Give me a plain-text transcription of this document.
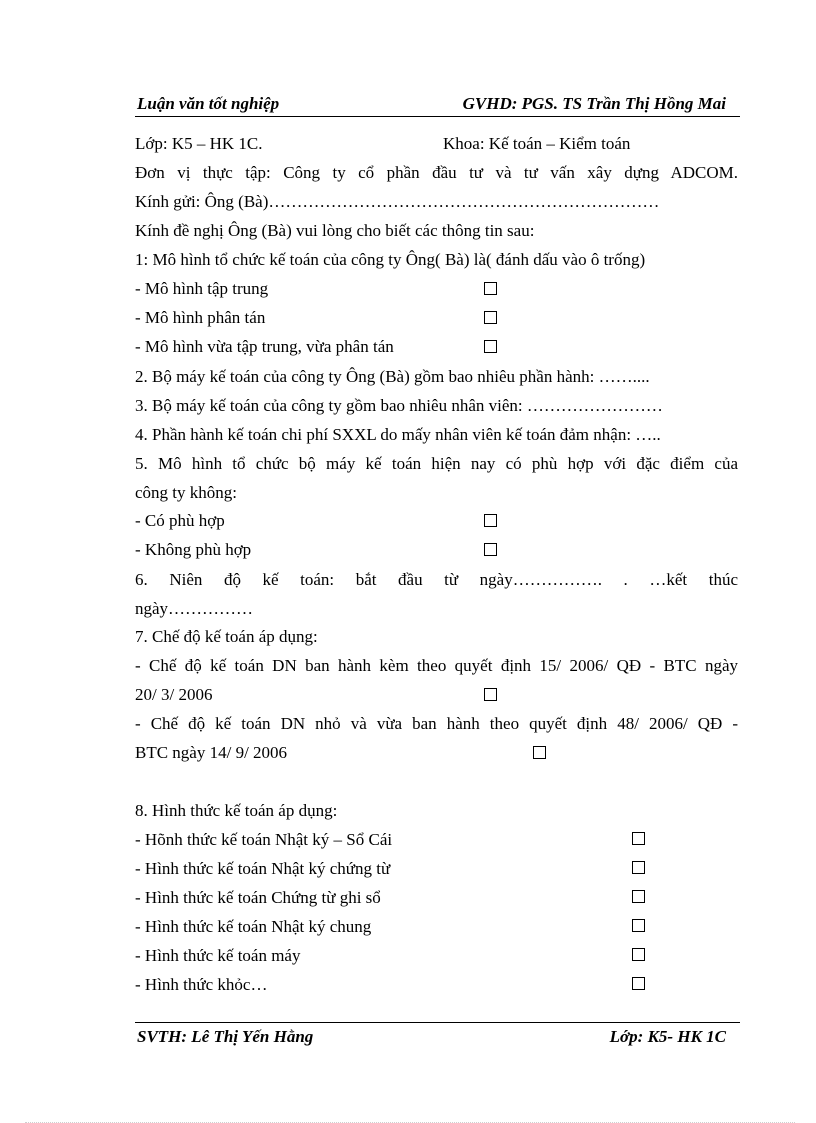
Luận văn tốt nghiệp	GVHD: PGS. TS Trần Thị Hồng Mai
Lớp: K5 – HK 1C.	Khoa: Kế toán – Kiểm toán
Đơn vị thực tập: Công ty cổ phần đầu tư và tư vấn xây dựng ADCOM.
Kính gửi: Ông (Bà)……………………………………………………………
Kính đề nghị Ông (Bà) vui lòng cho biết các thông tin sau:
1: Mô hình tổ chức kế toán của công ty Ông( Bà) là( đánh dấu vào ô trống)
- Mô hình tập trung
- Mô hình phân tán
- Mô hình vừa tập trung, vừa phân tán
2. Bộ máy kế toán của công ty Ông (Bà) gồm bao nhiêu phần hành: ……....
3. Bộ máy kế toán của công ty gồm bao nhiêu nhân viên: ……………………
4. Phần hành kế toán chi phí SXXL do mấy nhân viên kế toán đảm nhận: …..
5. Mô hình tổ chức bộ máy kế toán hiện nay có phù hợp với đặc điểm của
công ty không:
- Có phù hợp
- Không phù hợp
6. Niên độ kế toán: bắt đầu từ ngày……………. . …kết thúc
ngày……………
7. Chế độ kế toán áp dụng:
- Chế độ kế toán DN ban hành kèm theo quyết định 15/ 2006/ QĐ - BTC ngày
20/ 3/ 2006
- Chế độ kế toán DN nhỏ và vừa ban hành theo quyết định 48/ 2006/ QĐ -
BTC ngày 14/ 9/ 2006
8. Hình thức kế toán áp dụng:
- Hõnh thức kế toán Nhật ký – Sổ Cái
- Hình thức kế toán Nhật ký chứng từ
- Hình thức kế toán Chứng từ ghi sổ
- Hình thức kế toán Nhật ký chung
- Hình thức kế toán máy
- Hình thức khỏc…
SVTH: Lê Thị Yến Hằng	Lớp: K5- HK 1C
